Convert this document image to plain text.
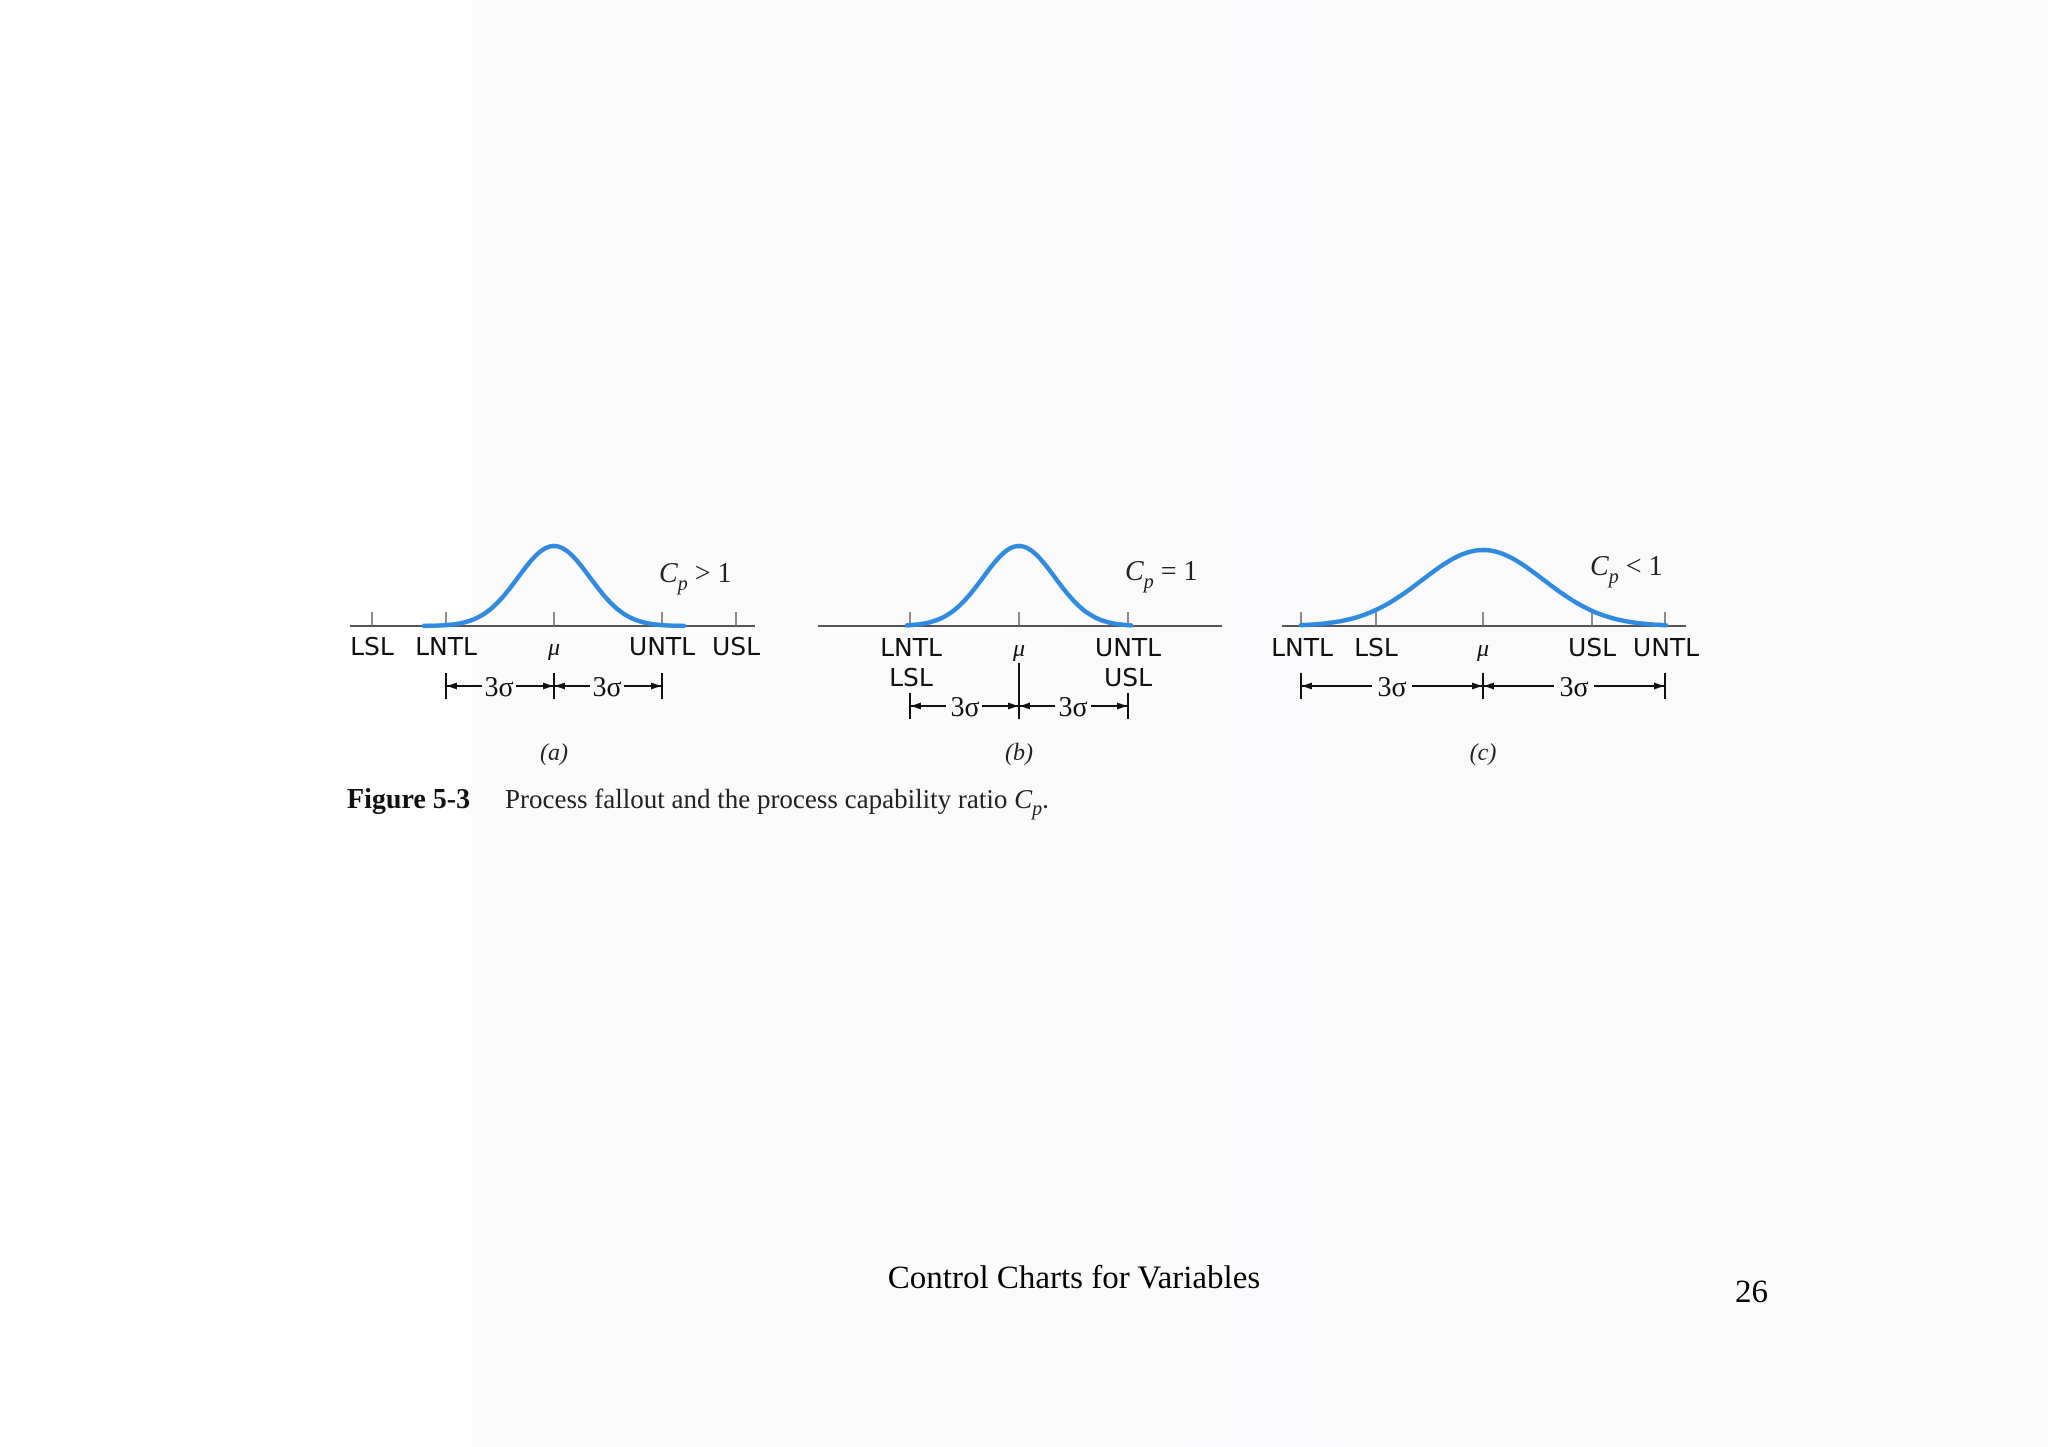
$C_p > 1$
LSL LNTL	μ	UNTL USL
3σ	3σ
(a)
$C_p = 1$
LNTL
LSL
μ	UNTL
USL
3σ	3σ
(b)
$C_p < 1$
LNTL LSL	μ	USL UNTL
3σ	3σ
(c)
Figure 5-3 Process fallout and the process capability ratio $C_p$.
Control Charts for Variables	26
